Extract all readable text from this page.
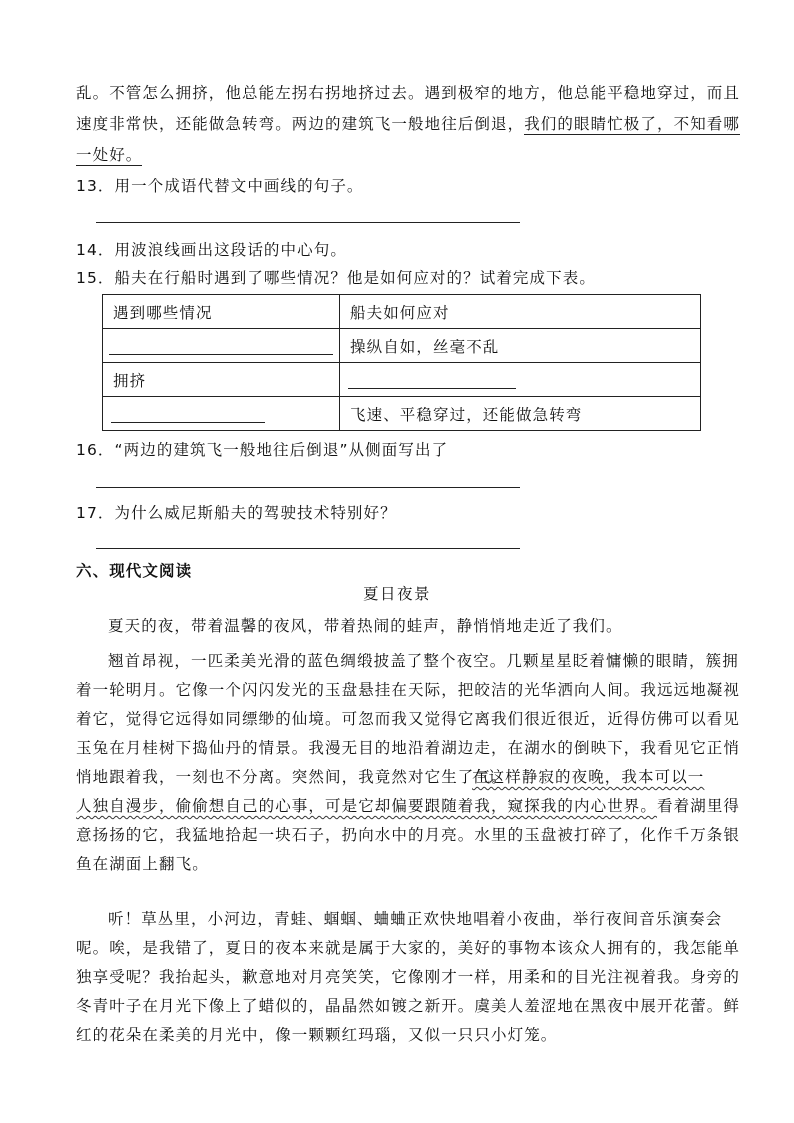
乱。不管怎么拥挤，他总能左拐右拐地挤过去。遇到极窄的地方，他总能平稳地穿过，而且
速度非常快，还能做急转弯。两边的建筑飞一般地往后倒退，我们的眼睛忙极了，不知看哪
一处好。
13．用一个成语代替文中画线的句子。
14．用波浪线画出这段话的中心句。
15．船夫在行船时遇到了哪些情况？他是如何应对的？试着完成下表。
遇到哪些情况	船夫如何应对
	操纵自如，丝毫不乱
拥挤	
	飞速、平稳穿过，还能做急转弯
16．“两边的建筑飞一般地往后倒退”从侧面写出了
17．为什么威尼斯船夫的驾驶技术特别好？
六、现代文阅读
夏日夜景
夏天的夜，带着温馨的夜风，带着热闹的蛙声，静悄悄地走近了我们。
翘首昂视，一匹柔美光滑的蓝色绸缎披盖了整个夜空。几颗星星眨着慵懒的眼睛，簇拥
着一轮明月。它像一个闪闪发光的玉盘悬挂在天际，把皎洁的光华洒向人间。我远远地凝视
着它，觉得它远得如同缥缈的仙境。可忽而我又觉得它离我们很近很近，近得仿佛可以看见
玉兔在月桂树下捣仙丹的情景。我漫无目的地沿着湖边走，在湖水的倒映下，我看见它正悄
悄地跟着我，一刻也不分离。突然间，我竟然对它生了气。
在这样静寂的夜晚，我本可以一
人独自漫步，偷偷想自己的心事，可是它却偏要跟随着我，窥探我的内心世界。看着湖里得
意扬扬的它，我猛地拾起一块石子，扔向水中的月亮。水里的玉盘被打碎了，化作千万条银
鱼在湖面上翻飞。
听！草丛里，小河边，青蛙、蝈蝈、蛐蛐正欢快地唱着小夜曲，举行夜间音乐演奏会
呢。唉，是我错了，夏日的夜本来就是属于大家的，美好的事物本该众人拥有的，我怎能单
独享受呢？我抬起头，歉意地对月亮笑笑，它像刚才一样，用柔和的目光注视着我。身旁的
冬青叶子在月光下像上了蜡似的，晶晶然如镀之新开。虞美人羞涩地在黑夜中展开花蕾。鲜
红的花朵在柔美的月光中，像一颗颗红玛瑙，又似一只只小灯笼。
